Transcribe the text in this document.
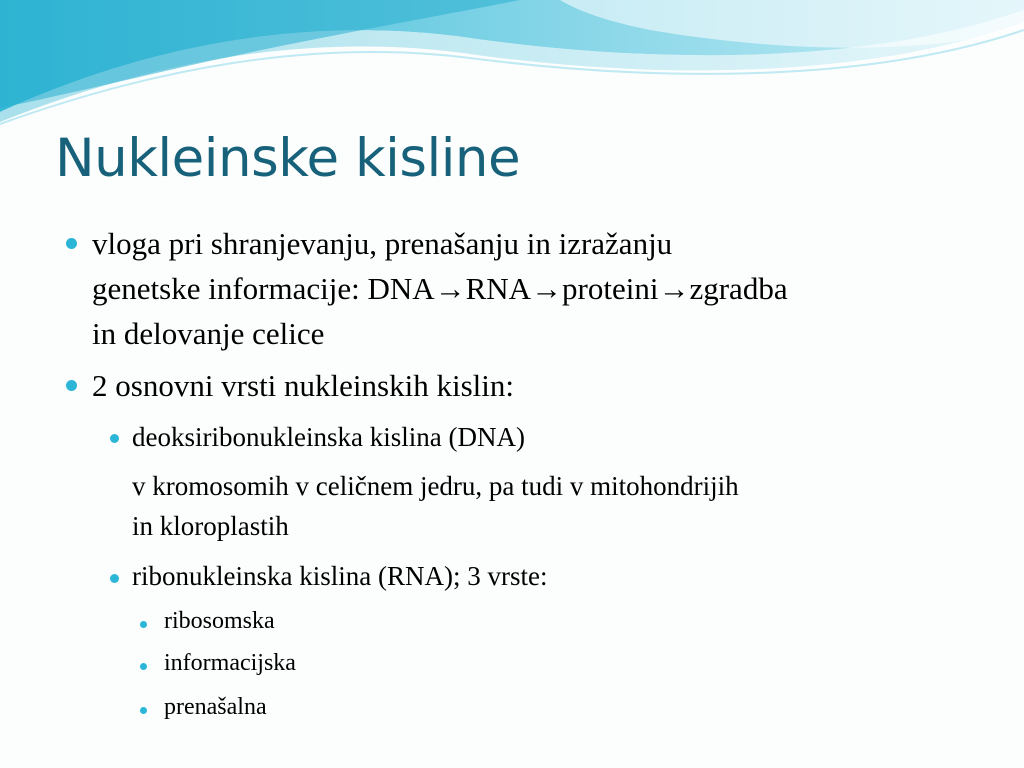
Nukleinske kisline
vloga pri shranjevanju, prenašanju in izražanju
genetske informacije: DNA→RNA→proteini→zgradba
in delovanje celice
2 osnovni vrsti nukleinskih kislin:
deoksiribonukleinska kislina (DNA)
v kromosomih v celičnem jedru, pa tudi v mitohondrijih
in kloroplastih
ribonukleinska kislina (RNA); 3 vrste:
ribosomska
informacijska
prenašalna
